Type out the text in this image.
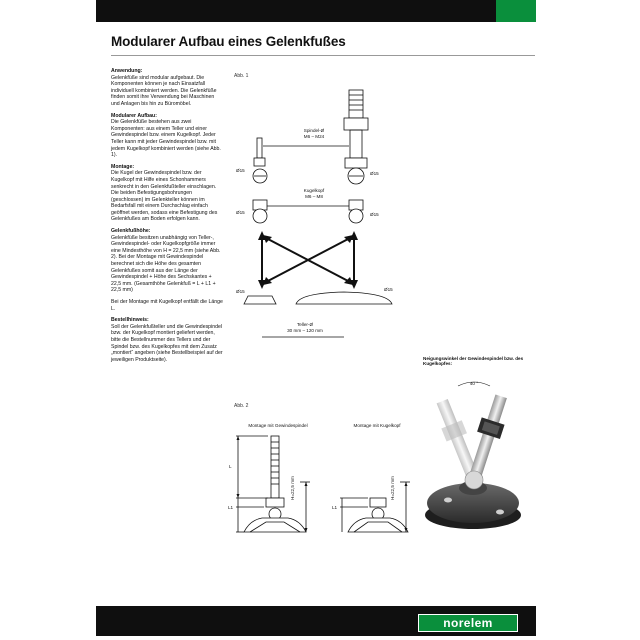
Modularer Aufbau eines Gelenkfußes
Anwendung:

Gelenkfüße sind modular aufgebaut. Die Komponenten können je nach Einsatzfall individuell kombiniert werden. Die Gelenkfüße finden somit ihre Verwendung bei Maschinen und Anlagen bis hin zu Büromöbel.

Modularer Aufbau:

Die Gelenkfüße bestehen aus zwei Komponenten: aus einem Teller und einer Gewindespindel bzw. einem Kugelkopf. Jeder Teller kann mit jeder Gewindespindel bzw. mit jedem Kugelkopf kombiniert werden (siehe Abb. 1).

Montage:

Die Kugel der Gewindespindel bzw. der Kugelkopf mit Hilfe eines Schonhammers senkrecht in den Gelenkfußteller einschlagen. Die beiden Befestigungsbohrungen (geschlossen) im Gelenkteller können im Bedarfsfall mit einem Durchschlag einfach geöffnet werden, sodass eine Befestigung des Gelenkfußes am Boden erfolgen kann.

Gelenkfußhöhe:

Gelenkfüße besitzen unabhängig von Teller-, Gewindespindel- oder Kugelkopfgröße immer eine Mindesthöhe von H = 22,5 mm (siehe Abb. 2). Bei der Montage mit Gewindespindel berechnet sich die Höhe des gesamten Gelenkfußes somit aus der Länge der Gewindespindel + Höhe des Sechskantes + 22,5 mm. (Gesamthöhe Gelenkfuß = L + L1 + 22,5 mm)

Bei der Montage mit Kugelkopf entfällt die Länge L.

Bestellhinweis:

Soll der Gelenkfußteller und die Gewindespindel bzw. der Kugelkopf montiert geliefert werden, bitte die Bestellnummer des Tellers und der Spindel bzw. des Kugelkopfes mit dem Zusatz „montiert“ angeben (siehe Bestellbeispiel auf der jeweiligen Produktseite).

Abb. 1
Spindel-Ø
M6 – M24
Ø15
Ø15
Kugelkopf
M6 – M8
Ø15	Ø15
Ø15	Ø15
Teller-Ø
30 mm – 120 mm
Neigungswinkel der Gewindespindel bzw. des Kugelkopfes:
40 °
Abb. 2
Montage mit Gewindespindel	Montage mit Kugelkopf
L
L1	L1
H=22,5 mm	H=22,5 mm
norelem
